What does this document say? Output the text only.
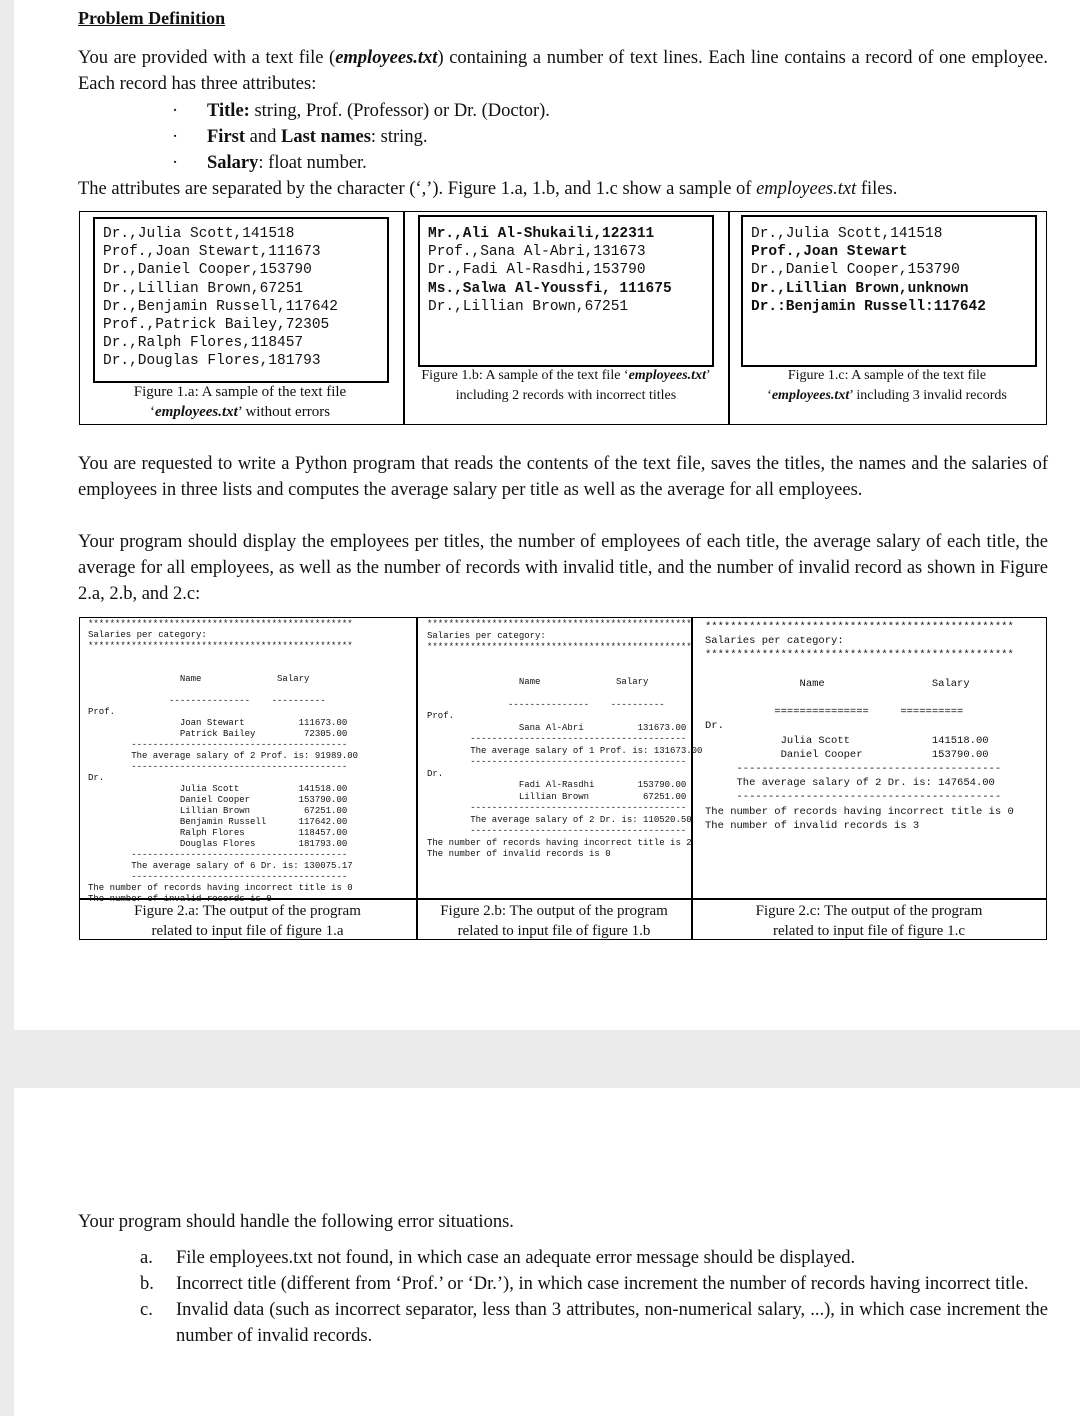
Problem Definition
You are provided with a text file (employees.txt) containing a number of text lines. Each line contains a record of one employee. Each record has three attributes:
· Title: string, Prof. (Professor) or Dr. (Doctor).
· First and Last names: string.
· Salary: float number.
The attributes are separated by the character (‘,’). Figure 1.a, 1.b, and 1.c show a sample of employees.txt files.
Dr.,Julia Scott,141518
Prof.,Joan Stewart,111673
Dr.,Daniel Cooper,153790
Dr.,Lillian Brown,67251
Dr.,Benjamin Russell,117642
Prof.,Patrick Bailey,72305
Dr.,Ralph Flores,118457
Dr.,Douglas Flores,181793
Figure 1.a: A sample of the text file
‘employees.txt’ without errors
Mr.,Ali Al-Shukaili,122311
Prof.,Sana Al-Abri,131673
Dr.,Fadi Al-Rasdhi,153790
Ms.,Salwa Al-Youssfi, 111675
Dr.,Lillian Brown,67251
Figure 1.b: A sample of the text file ‘employees.txt’
including 2 records with incorrect titles
Dr.,Julia Scott,141518
Prof.,Joan Stewart
Dr.,Daniel Cooper,153790
Dr.,Lillian Brown,unknown
Dr.:Benjamin Russell:117642
Figure 1.c: A sample of the text file
‘employees.txt’ including 3 invalid records
You are requested to write a Python program that reads the contents of the text file, saves the titles, the names and the salaries of employees in three lists and computes the average salary per title as well as the average for all employees.
Your program should display the employees per titles, the number of employees of each title, the average salary of each title, the average for all employees, as well as the number of records with invalid title, and the number of invalid record as shown in Figure 2.a, 2.b, and 2.c:
*************************************************
Salaries per category:
*************************************************

Name              Salary

---------------    ----------
Prof.
Joan Stewart          111673.00
Patrick Bailey         72305.00
----------------------------------------
The average salary of 2 Prof. is: 91989.00
----------------------------------------
Dr.
Julia Scott           141518.00
Daniel Cooper         153790.00
Lillian Brown          67251.00
Benjamin Russell      117642.00
Ralph Flores          118457.00
Douglas Flores        181793.00
----------------------------------------
The average salary of 6 Dr. is: 130075.17
----------------------------------------
The number of records having incorrect title is 0
The number of invalid records is 0
Figure 2.a: The output of the program
related to input file of figure 1.a
*************************************************
Salaries per category:
*************************************************

Name              Salary

---------------    ----------
Prof.
Sana Al-Abri          131673.00
----------------------------------------
The average salary of 1 Prof. is: 131673.00
----------------------------------------
Dr.
Fadi Al-Rasdhi        153790.00
Lillian Brown          67251.00
----------------------------------------
The average salary of 2 Dr. is: 110520.50
----------------------------------------
The number of records having incorrect title is 2
The number of invalid records is 0
Figure 2.b: The output of the program
related to input file of figure 1.b
*************************************************
Salaries per category:
*************************************************

Name                 Salary

===============     ==========
Dr.
Julia Scott             141518.00
Daniel Cooper           153790.00
------------------------------------------
The average salary of 2 Dr. is: 147654.00
------------------------------------------
The number of records having incorrect title is 0
The number of invalid records is 3
Figure 2.c: The output of the program
related to input file of figure 1.c
Your program should handle the following error situations.
a. File employees.txt not found, in which case an adequate error message should be displayed.
b. Incorrect title (different from ‘Prof.’ or ‘Dr.’), in which case increment the number of records having incorrect title.
c. Invalid data (such as incorrect separator, less than 3 attributes, non-numerical salary, ...), in which case increment the number of invalid records.
